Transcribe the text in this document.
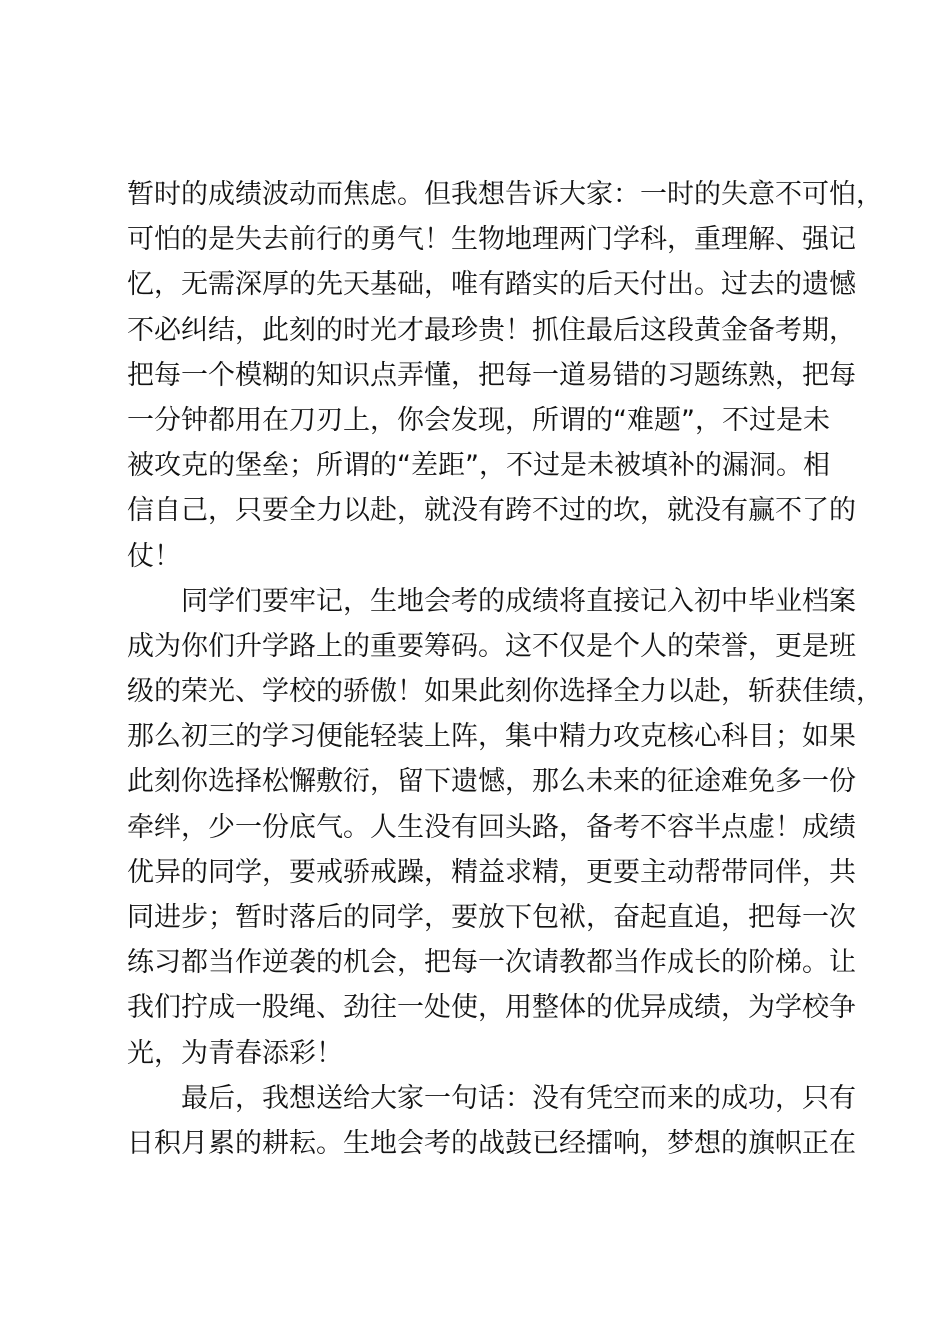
暂时的成绩波动而焦虑。但我想告诉大家：一时的失意不可怕，
可怕的是失去前行的勇气！生物地理两门学科，重理解、强记
忆，无需深厚的先天基础，唯有踏实的后天付出。过去的遗憾
不必纠结，此刻的时光才最珍贵！抓住最后这段黄金备考期，
把每一个模糊的知识点弄懂，把每一道易错的习题练熟，把每
一分钟都用在刀刃上，你会发现，所谓的“难题”，不过是未
被攻克的堡垒；所谓的“差距”，不过是未被填补的漏洞。相
信自己，只要全力以赴，就没有跨不过的坎，就没有赢不了的
仗！
同学们要牢记，生地会考的成绩将直接记入初中毕业档案
成为你们升学路上的重要筹码。这不仅是个人的荣誉，更是班
级的荣光、学校的骄傲！如果此刻你选择全力以赴，斩获佳绩，
那么初三的学习便能轻装上阵，集中精力攻克核心科目；如果
此刻你选择松懈敷衍，留下遗憾，那么未来的征途难免多一份
牵绊，少一份底气。人生没有回头路，备考不容半点虚！成绩
优异的同学，要戒骄戒躁，精益求精，更要主动帮带同伴，共
同进步；暂时落后的同学，要放下包袱，奋起直追，把每一次
练习都当作逆袭的机会，把每一次请教都当作成长的阶梯。让
我们拧成一股绳、劲往一处使，用整体的优异成绩，为学校争
光，为青春添彩！
最后，我想送给大家一句话：没有凭空而来的成功，只有
日积月累的耕耘。生地会考的战鼓已经擂响，梦想的旗帜正在
